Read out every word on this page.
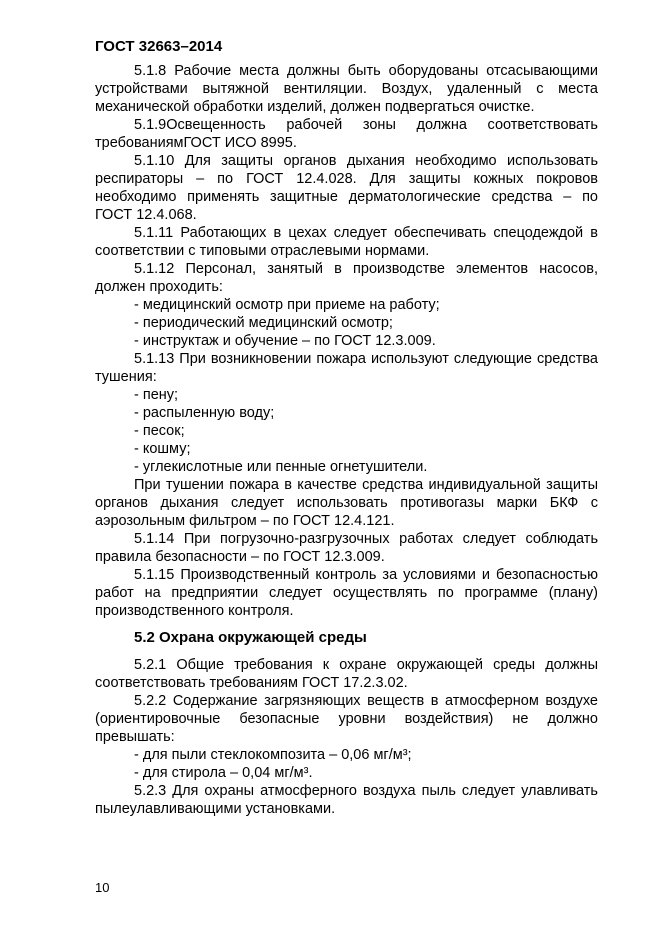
ГОСТ 32663–2014
5.1.8 Рабочие места должны быть оборудованы отсасывающими устройствами вытяжной вентиляции. Воздух, удаленный с места механической обработки изделий, должен подвергаться очистке.
5.1.9Освещенность рабочей зоны должна соответствовать требованиямГОСТ ИСО 8995.
5.1.10 Для защиты органов дыхания необходимо использовать респираторы – по ГОСТ 12.4.028. Для защиты кожных покровов необходимо применять защитные дерматологические средства – по ГОСТ 12.4.068.
5.1.11 Работающих в цехах следует обеспечивать спецодеждой в соответствии с типовыми отраслевыми нормами.
5.1.12 Персонал, занятый в производстве элементов насосов, должен проходить:
- медицинский осмотр при приеме на работу;
- периодический медицинский осмотр;
- инструктаж и обучение – по ГОСТ 12.3.009.
5.1.13 При возникновении пожара используют следующие средства тушения:
- пену;
- распыленную воду;
- песок;
- кошму;
- углекислотные или пенные огнетушители.
При тушении пожара в качестве средства индивидуальной защиты органов дыхания следует использовать противогазы марки БКФ с аэрозольным фильтром – по ГОСТ 12.4.121.
5.1.14 При погрузочно-разгрузочных работах следует соблюдать правила безопасности – по ГОСТ 12.3.009.
5.1.15 Производственный контроль за условиями и безопасностью работ на предприятии следует осуществлять по программе (плану) производственного контроля.
5.2 Охрана окружающей среды
5.2.1 Общие требования к охране окружающей среды должны соответствовать требованиям ГОСТ 17.2.3.02.
5.2.2 Содержание загрязняющих веществ в атмосферном воздухе (ориентировочные безопасные уровни воздействия) не должно превышать:
- для пыли стеклокомпозита – 0,06 мг/м³;
- для стирола – 0,04 мг/м³.
5.2.3 Для охраны атмосферного воздуха пыль следует улавливать пылеулавливающими установками.
10
